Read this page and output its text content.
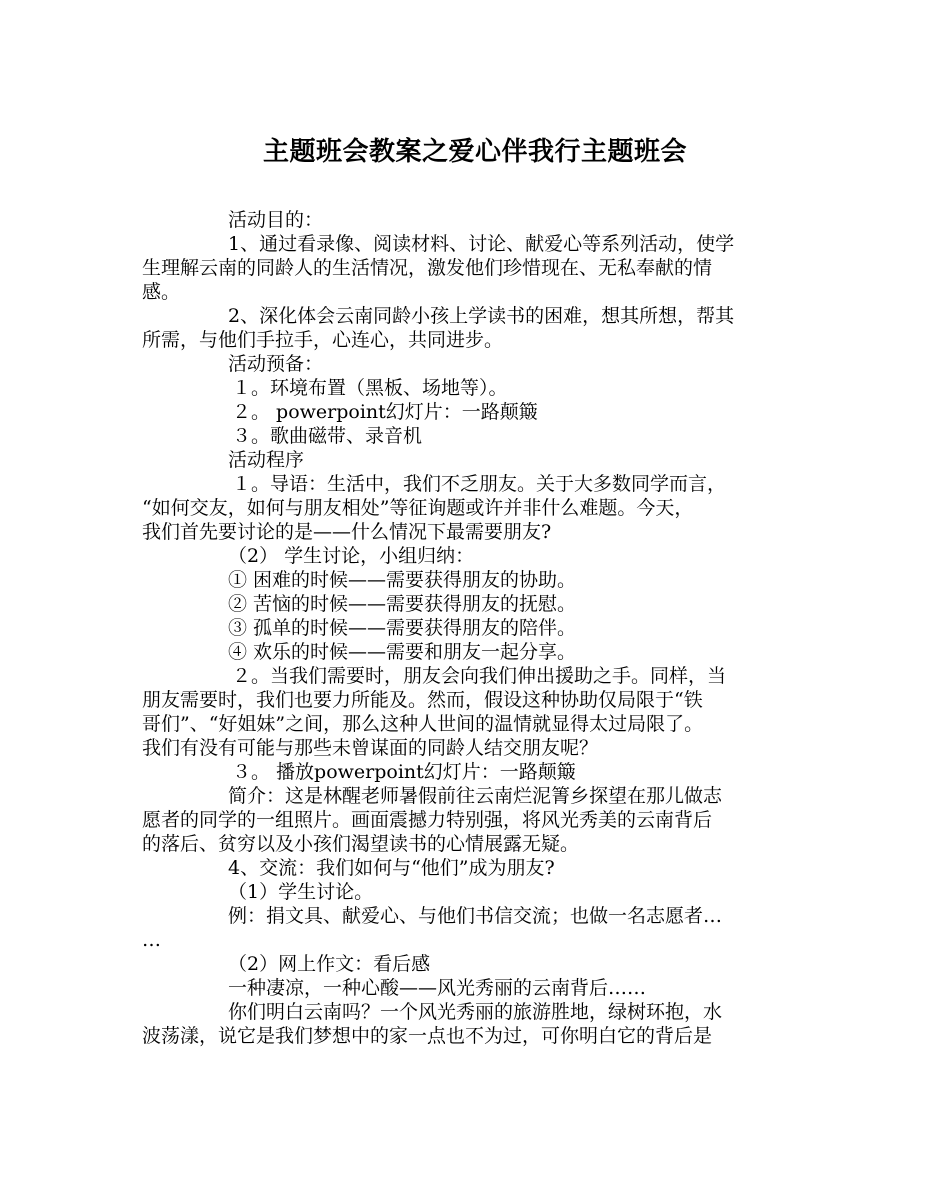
主题班会教案之爱心伴我行主题班会

活动目的：

1、通过看录像、阅读材料、讨论、献爱心等系列活动，使学

生理解云南的同龄人的生活情况，激发他们珍惜现在、无私奉献的情

感。

2、深化体会云南同龄小孩上学读书的困难，想其所想，帮其

所需，与他们手拉手，心连心，共同进步。

活动预备：

１。环境布置（黑板、场地等）。

２。 powerpoint幻灯片：一路颠簸

３。歌曲磁带、录音机

活动程序

１。导语：生活中，我们不乏朋友。关于大多数同学而言，

“如何交友，如何与朋友相处”等征询题或许并非什么难题。今天，

我们首先要讨论的是——什么情况下最需要朋友?

（2） 学生讨论，小组归纳：

① 困难的时候——需要获得朋友的协助。

② 苦恼的时候——需要获得朋友的抚慰。

③ 孤单的时候——需要获得朋友的陪伴。

④ 欢乐的时候——需要和朋友一起分享。

２。当我们需要时，朋友会向我们伸出援助之手。同样，当

朋友需要时，我们也要力所能及。然而，假设这种协助仅局限于“铁

哥们”、“好姐妹”之间，那么这种人世间的温情就显得太过局限了。

我们有没有可能与那些未曾谋面的同龄人结交朋友呢？

３。 播放powerpoint幻灯片：一路颠簸

简介：这是林醒老师暑假前往云南烂泥箐乡探望在那儿做志

愿者的同学的一组照片。画面震撼力特别强，将风光秀美的云南背后

的落后、贫穷以及小孩们渴望读书的心情展露无疑。

4、交流：我们如何与“他们”成为朋友?

（1）学生讨论。

例：捐文具、献爱心、与他们书信交流；也做一名志愿者…

…

（2）网上作文：看后感

一种凄凉，一种心酸——风光秀丽的云南背后……

你们明白云南吗？一个风光秀丽的旅游胜地，绿树环抱，水

波荡漾，说它是我们梦想中的家一点也不为过，可你明白它的背后是
